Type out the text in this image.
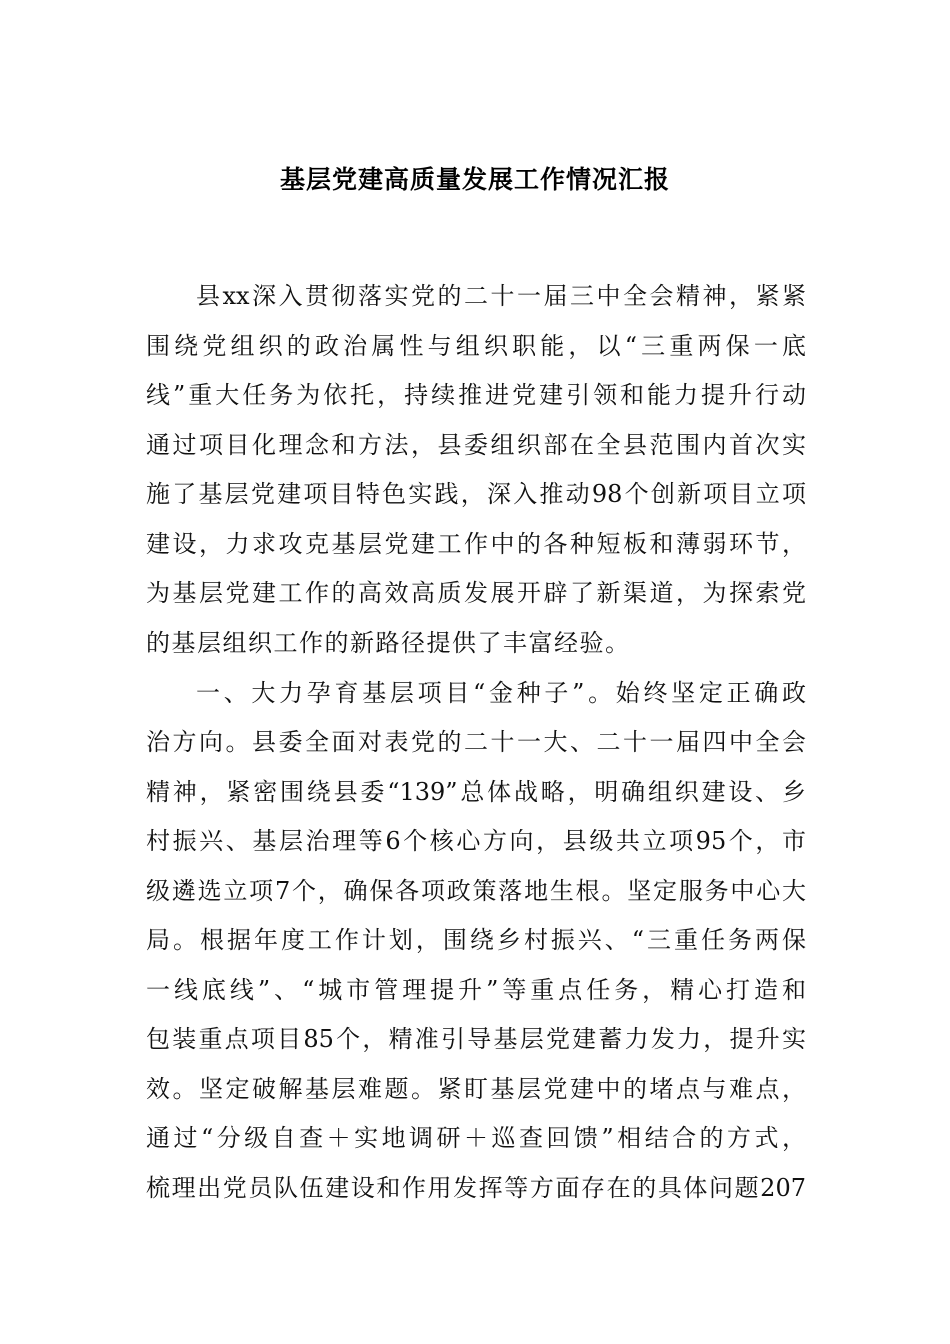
基层党建高质量发展工作情况汇报
县xx深入贯彻落实党的二十一届三中全会精神，紧紧
围绕党组织的政治属性与组织职能，以“三重两保一底
线”重大任务为依托，持续推进党建引领和能力提升行动
通过项目化理念和方法，县委组织部在全县范围内首次实
施了基层党建项目特色实践，深入推动98个创新项目立项
建设，力求攻克基层党建工作中的各种短板和薄弱环节，
为基层党建工作的高效高质发展开辟了新渠道，为探索党
的基层组织工作的新路径提供了丰富经验。
一、大力孕育基层项目“金种子”。始终坚定正确政
治方向。县委全面对表党的二十一大、二十一届四中全会
精神，紧密围绕县委“139”总体战略，明确组织建设、乡
村振兴、基层治理等6个核心方向，县级共立项95个，市
级遴选立项7个，确保各项政策落地生根。坚定服务中心大
局。根据年度工作计划，围绕乡村振兴、“三重任务两保
一线底线”、“城市管理提升”等重点任务，精心打造和
包装重点项目85个，精准引导基层党建蓄力发力，提升实
效。坚定破解基层难题。紧盯基层党建中的堵点与难点，
通过“分级自查＋实地调研＋巡查回馈”相结合的方式，
梳理出党员队伍建设和作用发挥等方面存在的具体问题207
